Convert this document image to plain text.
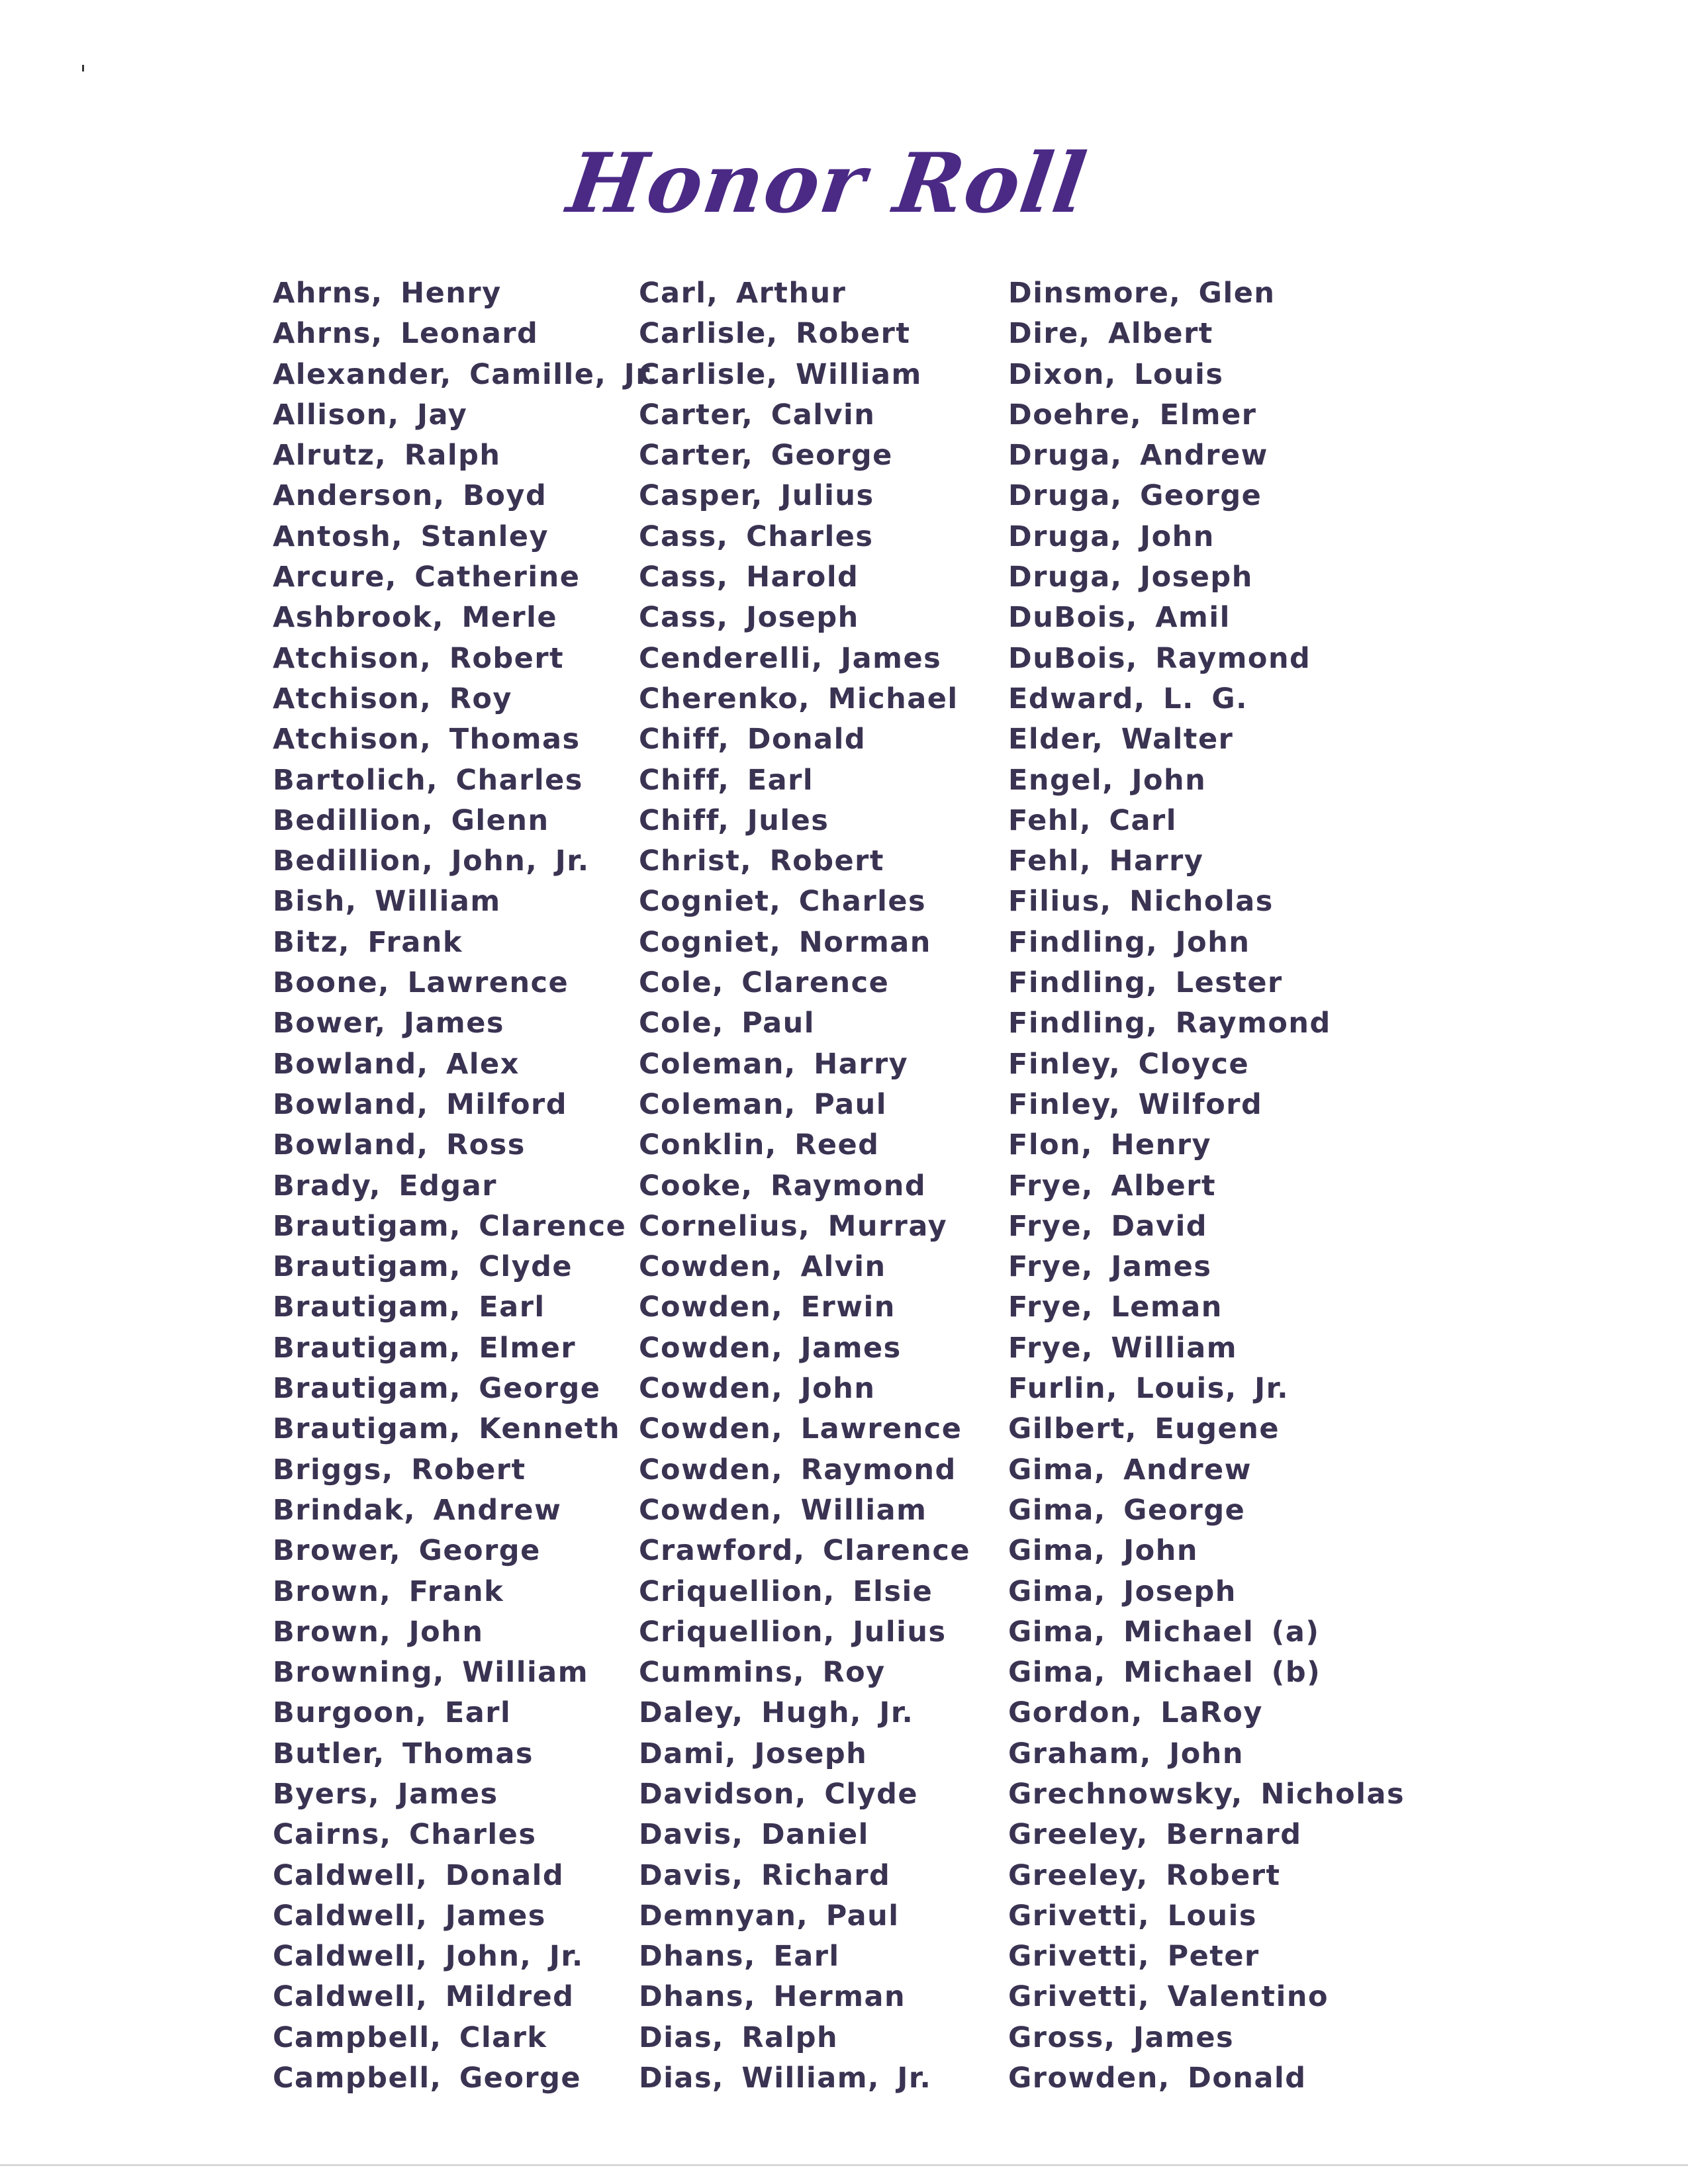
Honor Roll
Ahrns, Henry
Ahrns, Leonard
Alexander, Camille, Jr.
Allison, Jay
Alrutz, Ralph
Anderson, Boyd
Antosh, Stanley
Arcure, Catherine
Ashbrook, Merle
Atchison, Robert
Atchison, Roy
Atchison, Thomas
Bartolich, Charles
Bedillion, Glenn
Bedillion, John, Jr.
Bish, William
Bitz, Frank
Boone, Lawrence
Bower, James
Bowland, Alex
Bowland, Milford
Bowland, Ross
Brady, Edgar
Brautigam, Clarence
Brautigam, Clyde
Brautigam, Earl
Brautigam, Elmer
Brautigam, George
Brautigam, Kenneth
Briggs, Robert
Brindak, Andrew
Brower, George
Brown, Frank
Brown, John
Browning, William
Burgoon, Earl
Butler, Thomas
Byers, James
Cairns, Charles
Caldwell, Donald
Caldwell, James
Caldwell, John, Jr.
Caldwell, Mildred
Campbell, Clark
Campbell, George
Carl, Arthur
Carlisle, Robert
Carlisle, William
Carter, Calvin
Carter, George
Casper, Julius
Cass, Charles
Cass, Harold
Cass, Joseph
Cenderelli, James
Cherenko, Michael
Chiff, Donald
Chiff, Earl
Chiff, Jules
Christ, Robert
Cogniet, Charles
Cogniet, Norman
Cole, Clarence
Cole, Paul
Coleman, Harry
Coleman, Paul
Conklin, Reed
Cooke, Raymond
Cornelius, Murray
Cowden, Alvin
Cowden, Erwin
Cowden, James
Cowden, John
Cowden, Lawrence
Cowden, Raymond
Cowden, William
Crawford, Clarence
Criquellion, Elsie
Criquellion, Julius
Cummins, Roy
Daley, Hugh, Jr.
Dami, Joseph
Davidson, Clyde
Davis, Daniel
Davis, Richard
Demnyan, Paul
Dhans, Earl
Dhans, Herman
Dias, Ralph
Dias, William, Jr.
Dinsmore, Glen
Dire, Albert
Dixon, Louis
Doehre, Elmer
Druga, Andrew
Druga, George
Druga, John
Druga, Joseph
DuBois, Amil
DuBois, Raymond
Edward, L. G.
Elder, Walter
Engel, John
Fehl, Carl
Fehl, Harry
Filius, Nicholas
Findling, John
Findling, Lester
Findling, Raymond
Finley, Cloyce
Finley, Wilford
Flon, Henry
Frye, Albert
Frye, David
Frye, James
Frye, Leman
Frye, William
Furlin, Louis, Jr.
Gilbert, Eugene
Gima, Andrew
Gima, George
Gima, John
Gima, Joseph
Gima, Michael (a)
Gima, Michael (b)
Gordon, LaRoy
Graham, John
Grechnowsky, Nicholas
Greeley, Bernard
Greeley, Robert
Grivetti, Louis
Grivetti, Peter
Grivetti, Valentino
Gross, James
Growden, Donald
